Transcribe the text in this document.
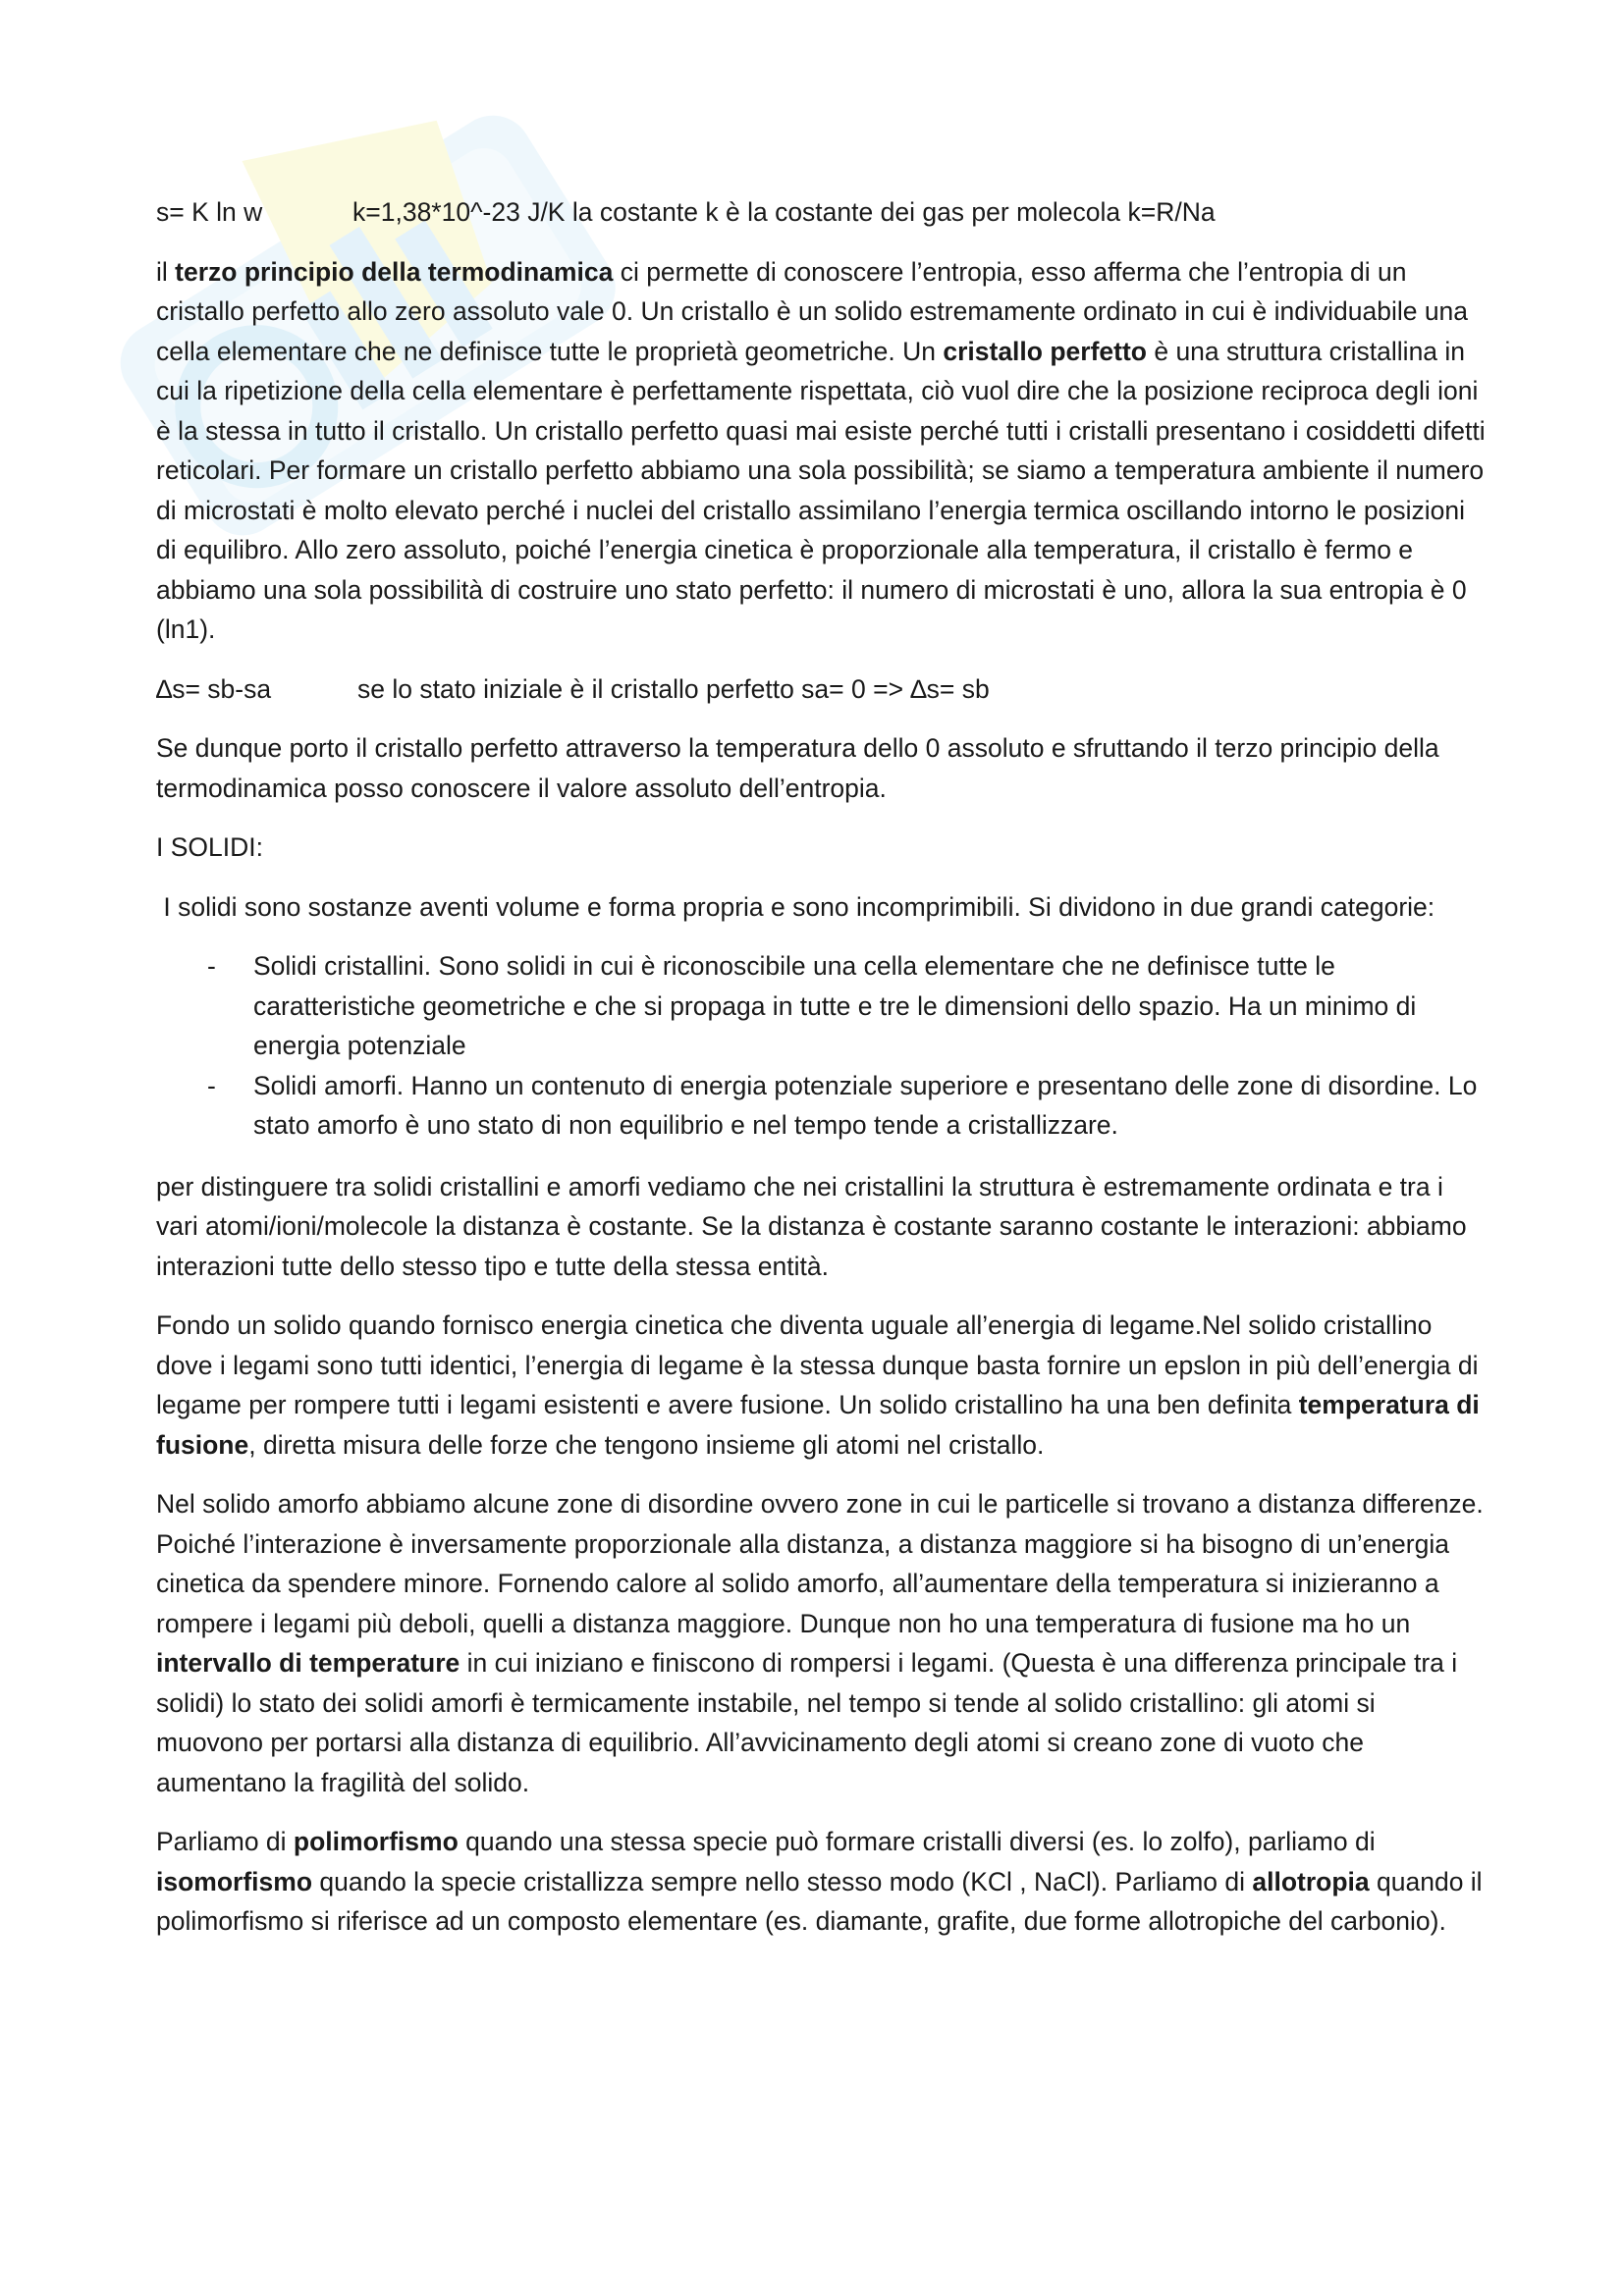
s= K ln w	k=1,38*10^-23 J/K la costante k è la costante dei gas per molecola k=R/Na

il terzo principio della termodinamica ci permette di conoscere l’entropia, esso afferma che l’entropia di un cristallo perfetto allo zero assoluto vale 0. Un cristallo è un solido estremamente ordinato in cui è individuabile una cella elementare che ne definisce tutte le proprietà geometriche. Un cristallo perfetto è una struttura cristallina in cui la ripetizione della cella elementare è perfettamente rispettata, ciò vuol dire che la posizione reciproca degli ioni è la stessa in tutto il cristallo. Un cristallo perfetto quasi mai esiste perché tutti i cristalli presentano i cosiddetti difetti reticolari. Per formare un cristallo perfetto abbiamo una sola possibilità; se siamo a temperatura ambiente il numero di microstati è molto elevato perché i nuclei del cristallo assimilano l’energia termica oscillando intorno le posizioni di equilibro. Allo zero assoluto, poiché l’energia cinetica è proporzionale alla temperatura, il cristallo è fermo e abbiamo una sola possibilità di costruire uno stato perfetto: il numero di microstati è uno, allora la sua entropia è 0 (ln1).

∆s= sb-sa	se lo stato iniziale è il cristallo perfetto sa= 0 => ∆s= sb

Se dunque porto il cristallo perfetto attraverso la temperatura dello 0 assoluto e sfruttando il terzo principio della termodinamica posso conoscere il valore assoluto dell’entropia.

I SOLIDI:

I solidi sono sostanze aventi volume e forma propria e sono incomprimibili. Si dividono in due grandi categorie:

- Solidi cristallini. Sono solidi in cui è riconoscibile una cella elementare che ne definisce tutte le caratteristiche geometriche e che si propaga in tutte e tre le dimensioni dello spazio. Ha un minimo di energia potenziale
- Solidi amorfi. Hanno un contenuto di energia potenziale superiore e presentano delle zone di disordine. Lo stato amorfo è uno stato di non equilibrio e nel tempo tende a cristallizzare.

per distinguere tra solidi cristallini e amorfi vediamo che nei cristallini la struttura è estremamente ordinata e tra i vari atomi/ioni/molecole la distanza è costante. Se la distanza è costante saranno costante le interazioni: abbiamo interazioni tutte dello stesso tipo e tutte della stessa entità.

Fondo un solido quando fornisco energia cinetica che diventa uguale all’energia di legame.Nel solido cristallino dove i legami sono tutti identici, l’energia di legame è la stessa dunque basta fornire un epslon in più dell’energia di legame per rompere tutti i legami esistenti e avere fusione. Un solido cristallino ha una ben definita temperatura di fusione, diretta misura delle forze che tengono insieme gli atomi nel cristallo.

Nel solido amorfo abbiamo alcune zone di disordine ovvero zone in cui le particelle si trovano a distanza differenze. Poiché l’interazione è inversamente proporzionale alla distanza, a distanza maggiore si ha bisogno di un’energia cinetica da spendere minore. Fornendo calore al solido amorfo, all’aumentare della temperatura si inizieranno a rompere i legami più deboli, quelli a distanza maggiore. Dunque non ho una temperatura di fusione ma ho un intervallo di temperature in cui iniziano e finiscono di rompersi i legami. (Questa è una differenza principale tra i solidi) lo stato dei solidi amorfi è termicamente instabile, nel tempo si tende al solido cristallino: gli atomi si muovono per portarsi alla distanza di equilibrio. All’avvicinamento degli atomi si creano zone di vuoto che aumentano la fragilità del solido.

Parliamo di polimorfismo quando una stessa specie può formare cristalli diversi (es. lo zolfo), parliamo di isomorfismo quando la specie cristallizza sempre nello stesso modo (KCl , NaCl). Parliamo di allotropia quando il polimorfismo si riferisce ad un composto elementare (es. diamante, grafite, due forme allotropiche del carbonio).
